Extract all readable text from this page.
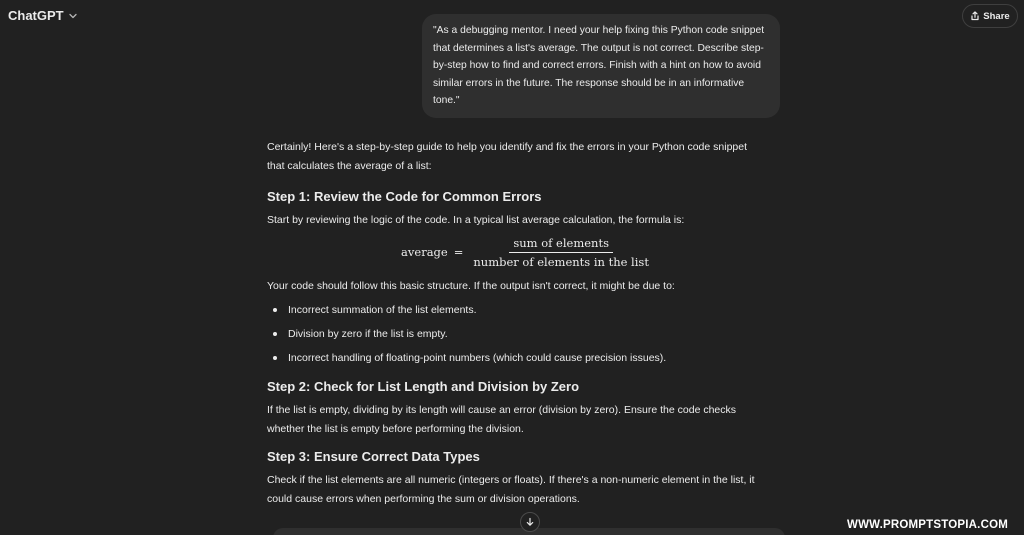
ChatGPT	Share
"As a debugging mentor. I need your help fixing this Python code snippet that determines a list's average. The output is not correct. Describe step-by-step how to find and correct errors. Finish with a hint on how to avoid similar errors in the future. The response should be in an informative tone."

Certainly! Here's a step-by-step guide to help you identify and fix the errors in your Python code snippet that calculates the average of a list:

Step 1: Review the Code for Common Errors

Start by reviewing the logic of the code. In a typical list average calculation, the formula is:

average = $\frac{\text{sum of elements}}{\text{number of elements in the list}}$

Your code should follow this basic structure. If the output isn't correct, it might be due to:

Incorrect summation of the list elements.
Division by zero if the list is empty.
Incorrect handling of floating-point numbers (which could cause precision issues).

Step 2: Check for List Length and Division by Zero

If the list is empty, dividing by its length will cause an error (division by zero). Ensure the code checks whether the list is empty before performing the division.

Step 3: Ensure Correct Data Types

Check if the list elements are all numeric (integers or floats). If there's a non-numeric element in the list, it could cause errors when performing the sum or division operations.

WWW.PROMPTSTOPIA.COM
